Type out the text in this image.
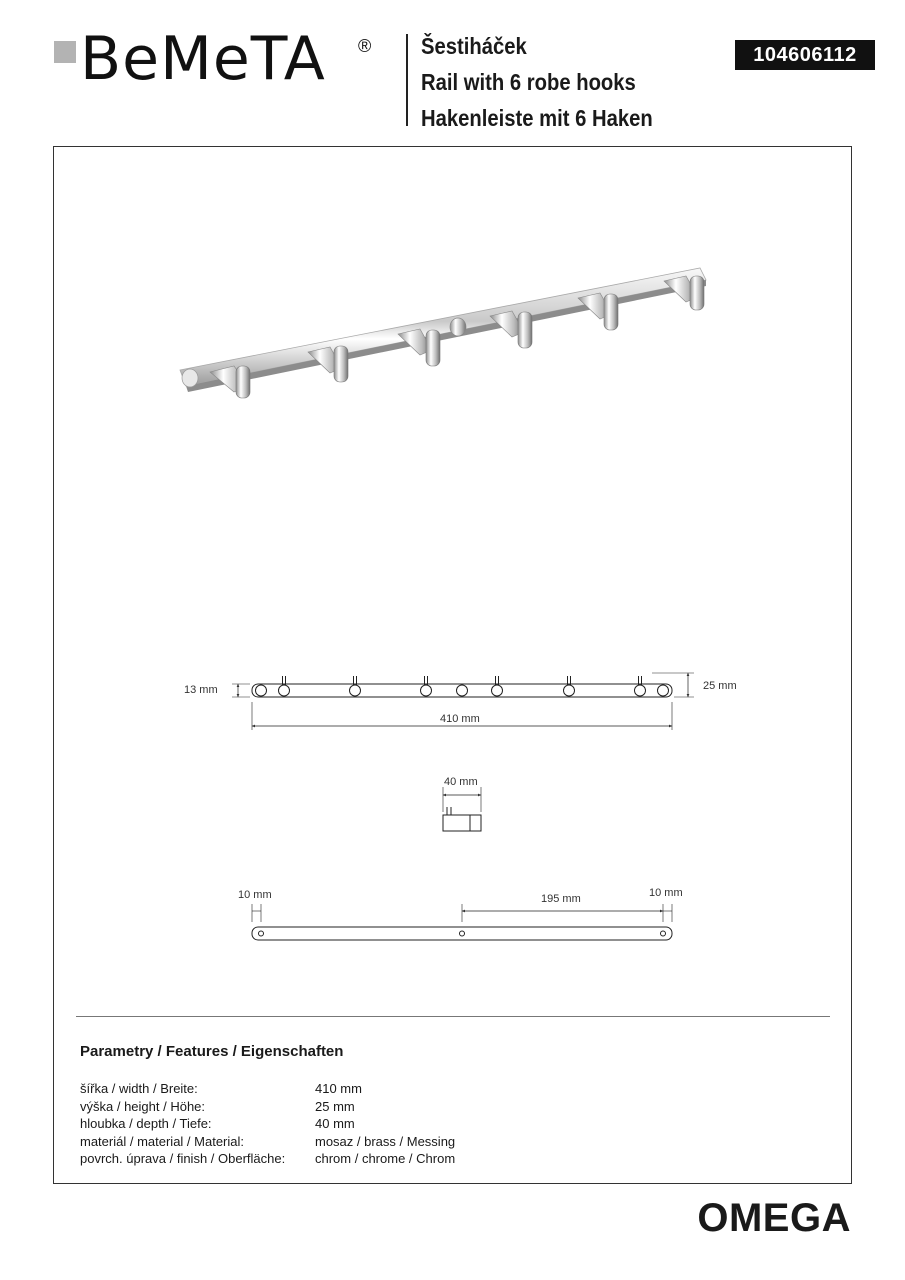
BeMeTA ® Šestiháček
Rail with 6 robe hooks
Hakenleiste mit 6 Haken
104606112
13 mm	25 mm
410 mm
40 mm
10 mm	195 mm	10 mm
Parametry / Features / Eigenschaften
šířka / width / Breite:	410 mm
výška / height / Höhe:	25 mm
hloubka / depth / Tiefe:	40 mm
materiál / material / Material:	mosaz / brass / Messing
povrch. úprava / finish / Oberfläche:	chrom / chrome / Chrom
OMEGA
